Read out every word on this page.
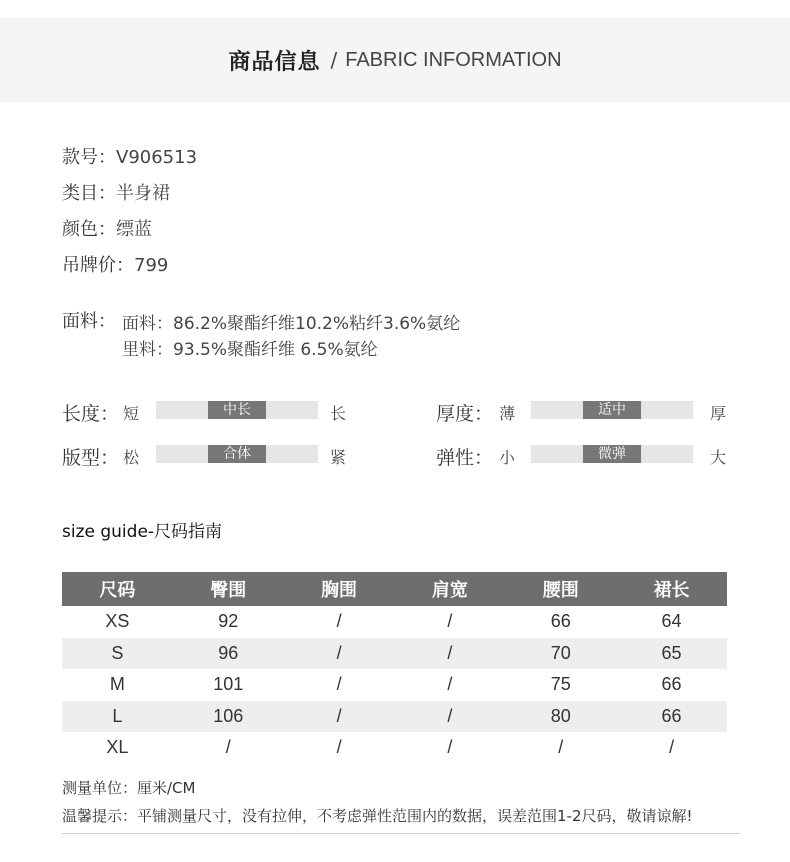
商品信息 / FABRIC INFORMATION
款号：V906513
类目：半身裙
颜色：缥蓝
吊牌价：799
面料： 面料：86.2%聚酯纤维10.2%粘纤3.6%氨纶
里料：93.5%聚酯纤维 6.5%氨纶
长度： 短	中长	长
版型： 松	合体	紧
厚度： 薄	适中	厚
弹性： 小	微弹	大
size guide-尺码指南
尺码	臀围	胸围	肩宽	腰围	裙长
XS	92	/	/	66	64
S	96	/	/	70	65
M	101	/	/	75	66
L	106	/	/	80	66
XL	/	/	/	/	/
测量单位：厘米/CM
温馨提示：平铺测量尺寸，没有拉伸，不考虑弹性范围内的数据，误差范围1-2尺码，敬请谅解!
